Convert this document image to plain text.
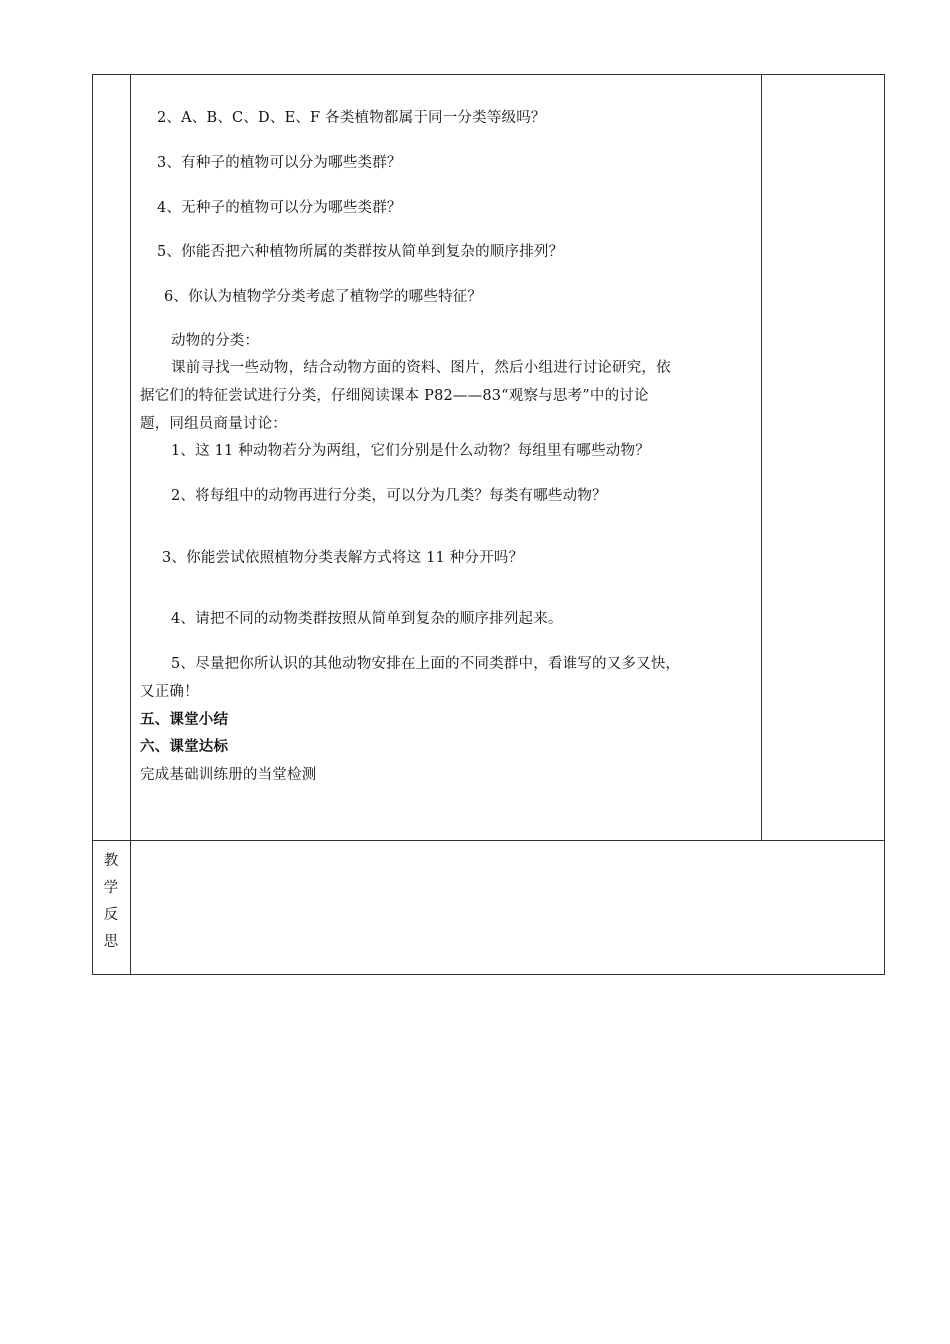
2、A、B、C、D、E、F 各类植物都属于同一分类等级吗？
3、有种子的植物可以分为哪些类群？
4、无种子的植物可以分为哪些类群？
5、你能否把六种植物所属的类群按从简单到复杂的顺序排列？
6、你认为植物学分类考虑了植物学的哪些特征？
动物的分类：
课前寻找一些动物，结合动物方面的资料、图片，然后小组进行讨论研究，依
据它们的特征尝试进行分类，仔细阅读课本 P82——83“观察与思考”中的讨论
题，同组员商量讨论：
1、这 11 种动物若分为两组，它们分别是什么动物？每组里有哪些动物？
2、将每组中的动物再进行分类，可以分为几类？每类有哪些动物？
3、你能尝试依照植物分类表解方式将这 11 种分开吗？
4、请把不同的动物类群按照从简单到复杂的顺序排列起来。
5、尽量把你所认识的其他动物安排在上面的不同类群中，看谁写的又多又快，
又正确！
五、课堂小结
六、课堂达标
完成基础训练册的当堂检测
教
学
反
思
